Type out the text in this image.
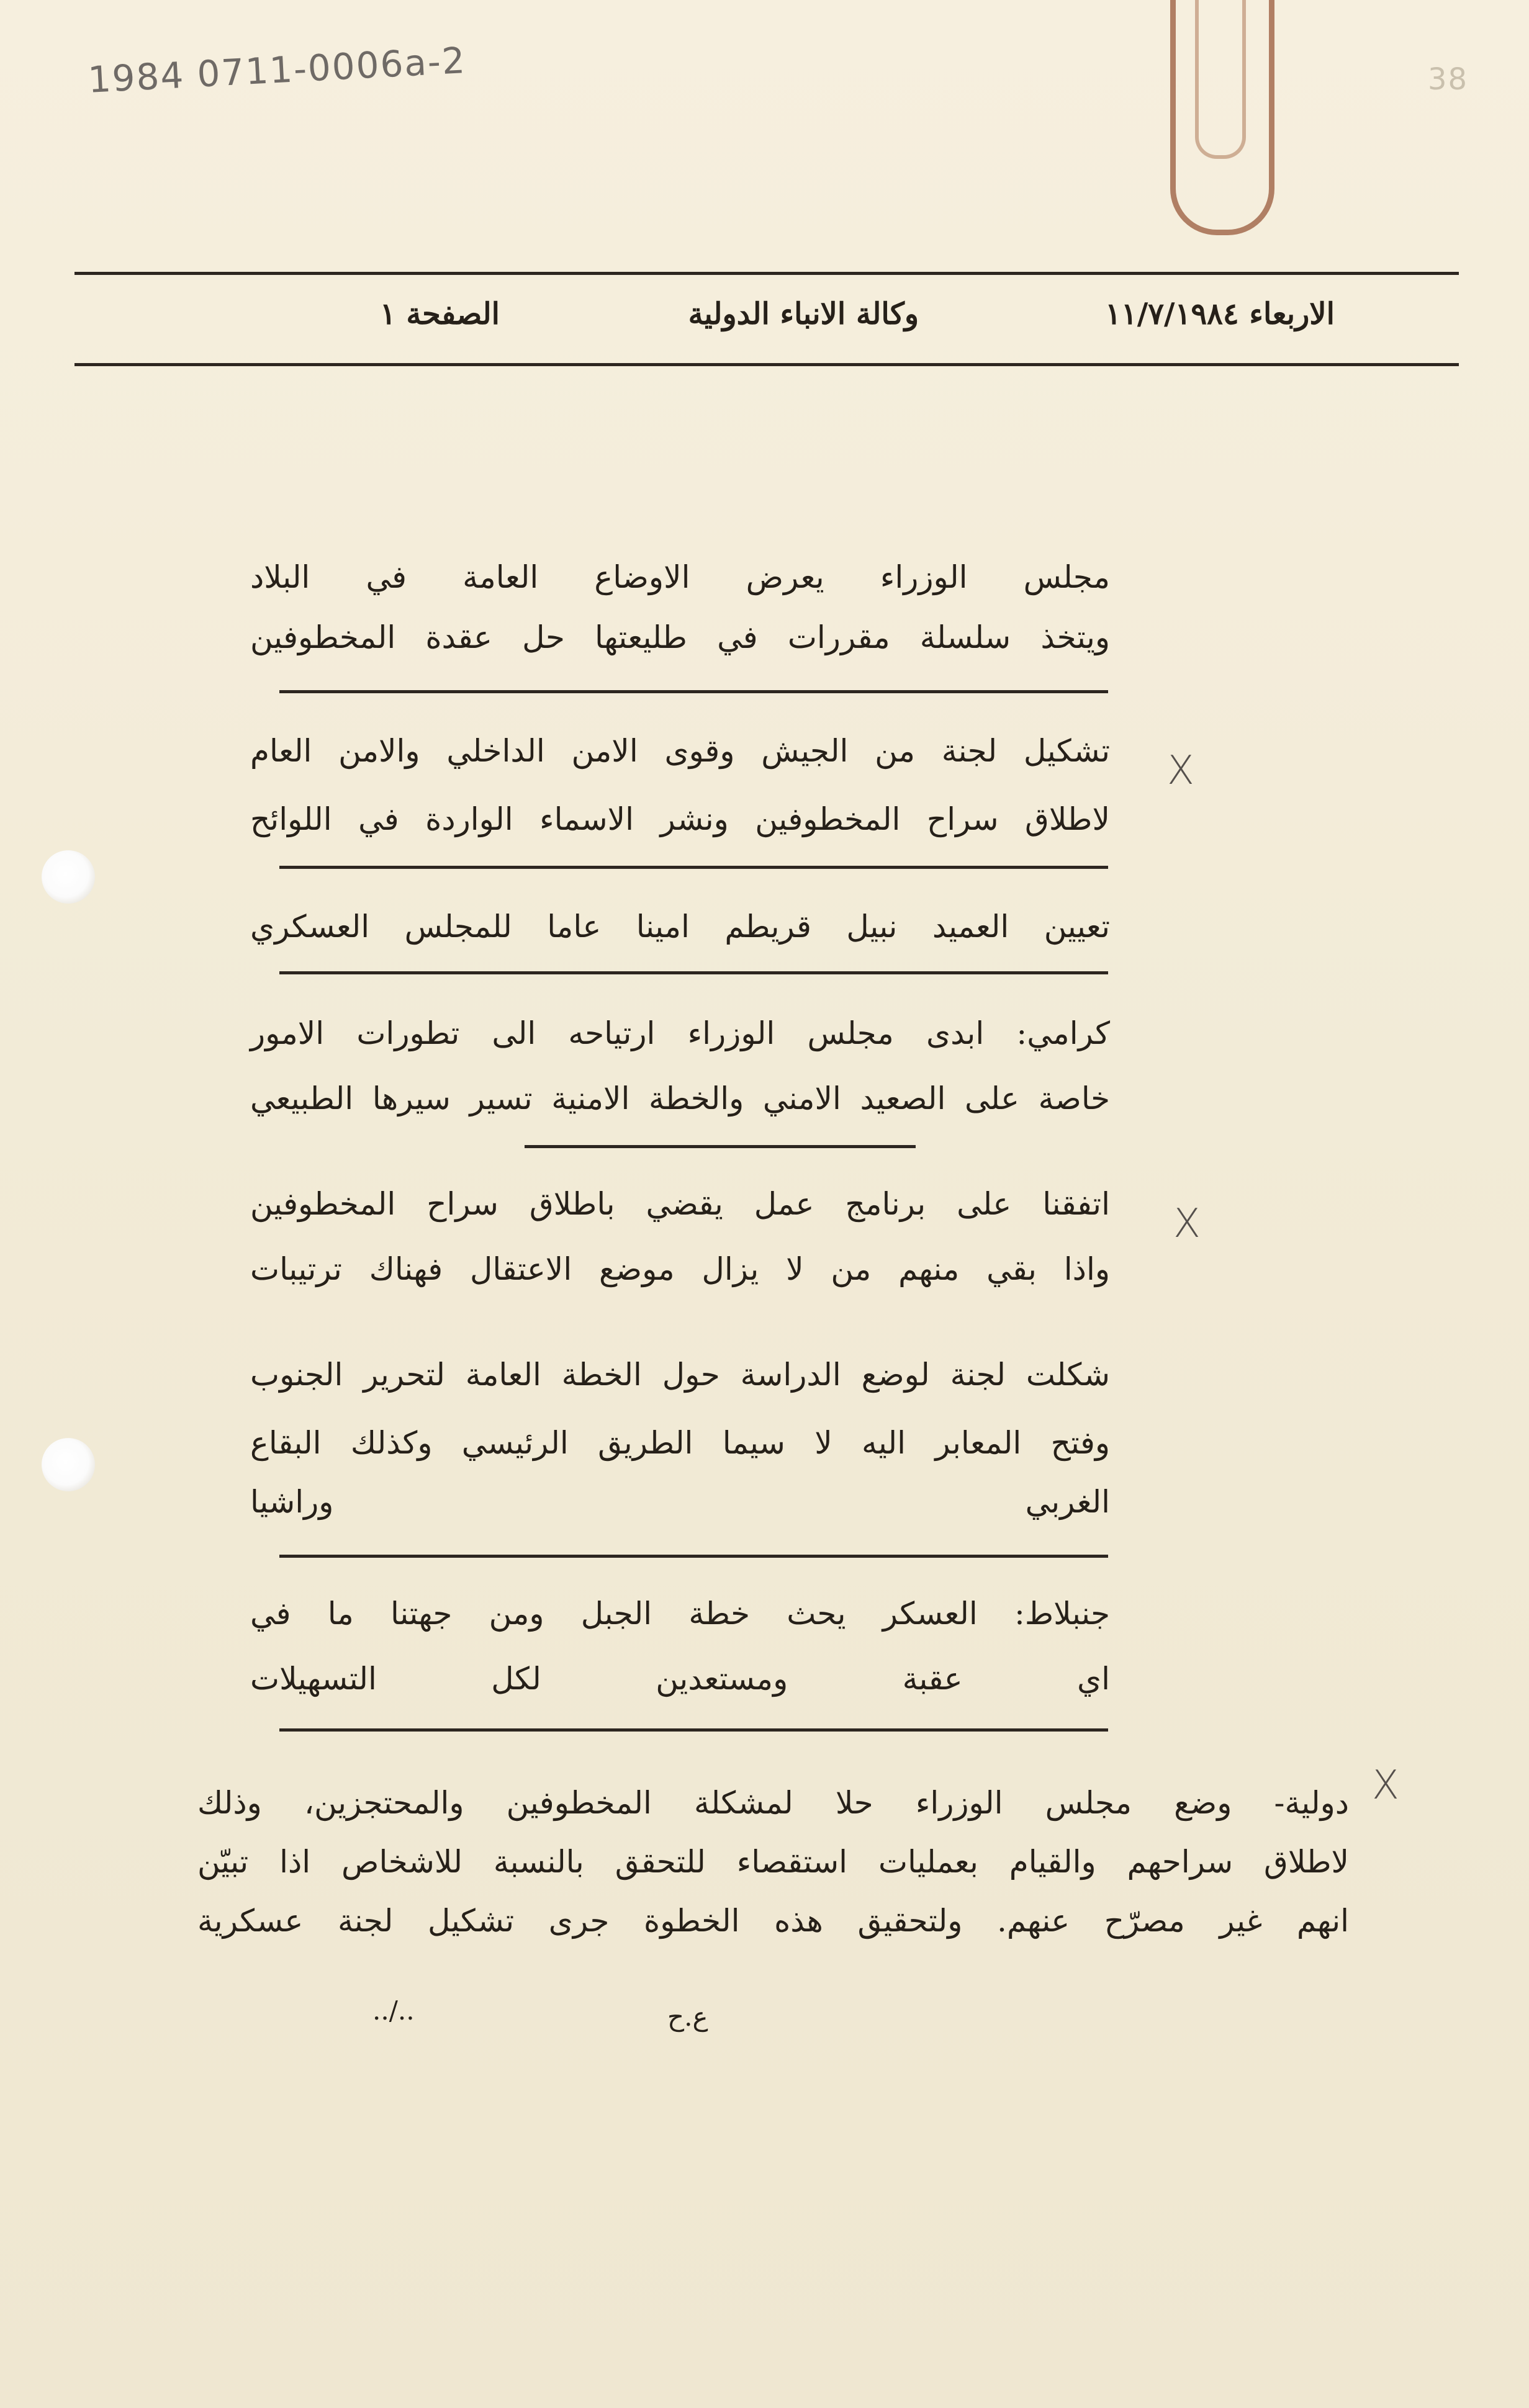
1984 0711-0006a-2	38
الاربعاء ١١/٧/١٩٨٤
وكالة الانباء الدولية
الصفحة ١
مجلس الوزراء يعرض الاوضاع العامة في البلاد
ويتخذ سلسلة مقررات في طليعتها حل عقدة المخطوفين
تشكيل لجنة من الجيش وقوى الامن الداخلي والامن العام
لاطلاق سراح المخطوفين ونشر الاسماء الواردة في اللوائح
X
تعيين العميد نبيل قريطم امينا عاما للمجلس العسكري
كرامي: ابدى مجلس الوزراء ارتياحه الى تطورات الامور
خاصة على الصعيد الامني والخطة الامنية تسير سيرها الطبيعي
اتفقنا على برنامج عمل يقضي باطلاق سراح المخطوفين
واذا بقي منهم من لا يزال موضع الاعتقال فهناك ترتيبات
X
شكلت لجنة لوضع الدراسة حول الخطة العامة لتحرير الجنوب
وفتح المعابر اليه لا سيما الطريق الرئيسي وكذلك البقاع
الغربي وراشيا
جنبلاط: العسكر يحث خطة الجبل ومن جهتنا ما في
اي عقبة ومستعدين لكل التسهيلات
دولية- وضع مجلس الوزراء حلا لمشكلة المخطوفين والمحتجزين، وذلك
لاطلاق سراحهم والقيام بعمليات استقصاء للتحقق بالنسبة للاشخاص اذا تبيّن
انهم غير مصرّح عنهم. ولتحقيق هذه الخطوة جرى تشكيل لجنة عسكرية
X
ع.ح
../..
